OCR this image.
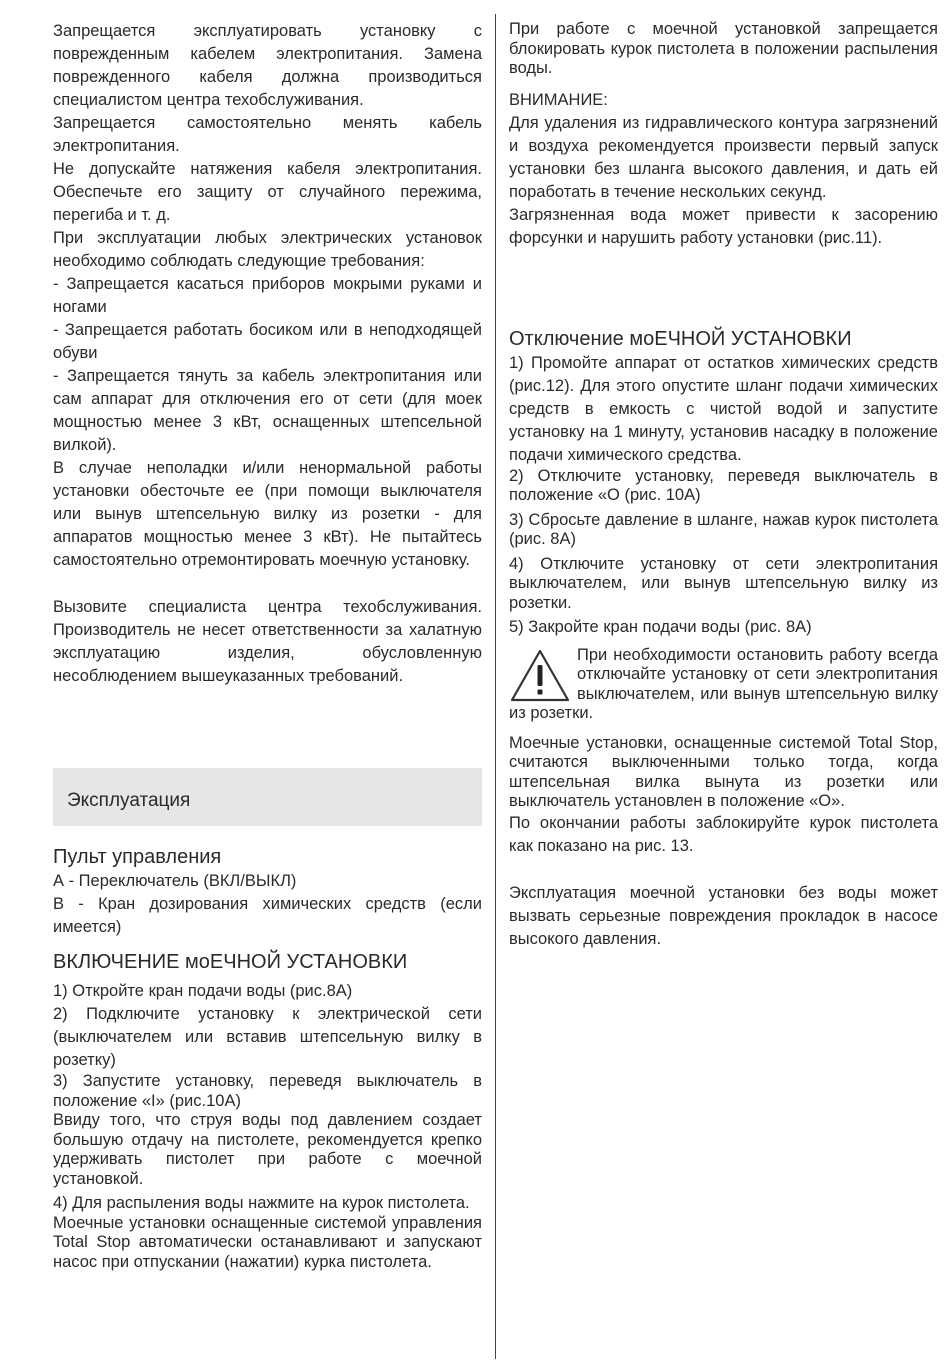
Запрещается эксплуатировать установку с поврежденным кабелем электропитания. Замена поврежденного кабеля должна производиться специалистом центра техобслуживания.

Запрещается самостоятельно менять кабель электропитания.

Не допускайте натяжения кабеля электропитания. Обеспечьте его защиту от случайного пережима, перегиба и т. д.

При эксплуатации любых электрических установок необходимо соблюдать следующие требования:

- Запрещается касаться приборов мокрыми руками и ногами

- Запрещается работать босиком или в неподходящей обуви

- Запрещается тянуть за кабель электропитания или сам аппарат для отключения его от сети (для моек мощностью менее 3 кВт, оснащенных штепсельной вилкой).

В случае неполадки и/или ненормальной работы установки обесточьте ее (при помощи выключателя или вынув штепсельную вилку из розетки - для аппаратов мощностью менее 3 кВт). Не пытайтесь самостоятельно отремонтировать моечную установку.

Вызовите специалиста центра техобслуживания. Производитель не несет ответственности за халатную эксплуатацию изделия, обусловленную несоблюдением вышеуказанных требований.

Эксплуатация
Пульт управления

А - Переключатель (ВКЛ/ВЫКЛ)

В - Кран дозирования химических средств (если имеется)

ВКЛЮЧЕНИЕ моЕЧНОЙ УСТАНОВКИ

1) Откройте кран подачи воды (рис.8А)

2) Подключите установку к электрической сети (выключателем или вставив штепсельную вилку в розетку)

3) Запустите установку, переведя выключатель в положение «I» (рис.10А)

Ввиду того, что струя воды под давлением создает большую отдачу на пистолете, рекомендуется крепко удерживать пистолет при работе с моечной установкой.

4) Для распыления воды нажмите на курок пистолета.

Моечные установки оснащенные системой управления Total Stop автоматически останавливают и запускают насос при отпускании (нажатии) курка пистолета.

При работе с моечной установкой запрещается блокировать курок пистолета в положении распыления воды.

ВНИМАНИЕ:

Для удаления из гидравлического контура загрязнений и воздуха рекомендуется произвести первый запуск установки без шланга высокого давления, и дать ей поработать в течение нескольких секунд.

Загрязненная вода может привести к засорению форсунки и нарушить работу установки (рис.11).

Отключение моЕЧНОЙ УСТАНОВКИ

1) Промойте аппарат от остатков химических средств (рис.12). Для этого опустите шланг подачи химических средств в емкость с чистой водой и запустите установку на 1 минуту, установив насадку в положение подачи химического средства.

2) Отключите установку, переведя выключатель в положение «О (рис. 10А)

3) Сбросьте давление в шланге, нажав курок пистолета (рис. 8А)

4) Отключите установку от сети электропитания выключателем, или вынув штепсельную вилку из розетки.

5) Закройте кран подачи воды (рис. 8А)

При необходимости остановить работу всегда отключайте установку от сети электропитания выключателем, или вынув штепсельную вилку из розетки.

Моечные установки, оснащенные системой Total Stop, считаются выключенными только тогда, когда штепсельная вилка вынута из розетки или выключатель установлен в положение «О».

По окончании работы заблокируйте курок пистолета как показано на рис. 13.

Эксплуатация моечной установки без воды может вызвать серьезные повреждения прокладок в насосе высокого давления.
